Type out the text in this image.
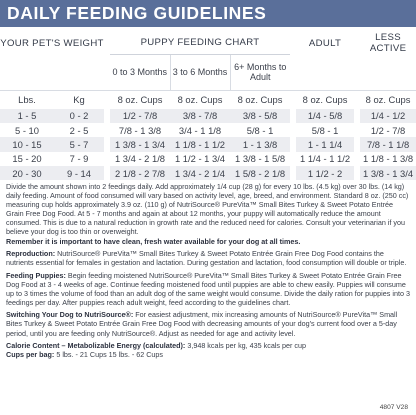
DAILY FEEDING GUIDELINES
YOUR PET'S WEIGHT			PUPPY FEEDING CHART				ADULT		LESS ACTIVE
			0 to 3 Months	3 to 6 Months	6+ Months to Adult				
Lbs.	Kg		8 oz. Cups	8 oz. Cups	8 oz. Cups		8 oz. Cups		8 oz. Cups
1 - 5	0 - 2		1/2 - 7/8	3/8 - 7/8	3/8 - 5/8		1/4 - 5/8		1/4 - 1/2
5 - 10	2 - 5		7/8 - 1 3/8	3/4 - 1 1/8	5/8 - 1		5/8 - 1		1/2 - 7/8
10 - 15	5 - 7		1 3/8 - 1 3/4	1 1/8 - 1 1/2	1 - 1 3/8		1 - 1 1/4		7/8 - 1 1/8
15 - 20	7 - 9		1 3/4 - 2 1/8	1 1/2 - 1 3/4	1 3/8 - 1 5/8		1 1/4 - 1 1/2		1 1/8 - 1 3/8
20 - 30	9 - 14		2 1/8 - 2 7/8	1 3/4 - 2 1/4	1 5/8 - 2 1/8		1 1/2 - 2		1 3/8 - 1 3/4

Divide the amount shown into 2 feedings daily. Add approximately 1/4 cup (28 g) for every 10 lbs. (4.5 kg) over 30 lbs. (14 kg) daily feeding. Amount of food consumed will vary based on activity level, age, breed, and environment. Standard 8 oz. (250 cc) measuring cup holds approximately 3.9 oz. (110 g) of NutriSource® PureVita™ Small Bites Turkey & Sweet Potato Entrée Grain Free Dog Food. At 5 - 7 months and again at about 12 months, your puppy will automatically reduce the amount consumed. This is due to a natural reduction in growth rate and the reduced need for calories. Consult your veterinarian if you believe your dog is too thin or overweight.
Remember it is important to have clean, fresh water available for your dog at all times.

Reproduction: NutriSource® PureVita™ Small Bites Turkey & Sweet Potato Entrée Grain Free Dog Food contains the nutrients essential for females in gestation and lactation. During gestation and lactation, food consumption will double or triple.

Feeding Puppies: Begin feeding moistened NutriSource® PureVita™ Small Bites Turkey & Sweet Potato Entrée Grain Free Dog Food at 3 - 4 weeks of age. Continue feeding moistened food until puppies are able to chew easily. Puppies will consume up to 3 times the volume of food than an adult dog of the same weight would consume. Divide the daily ration for puppies into 3 feedings per day. After puppies reach adult weight, feed according to the guidelines chart.

Switching Your Dog to NutriSource®: For easiest adjustment, mix increasing amounts of NutriSource® PureVita™ Small Bites Turkey & Sweet Potato Entrée Grain Free Dog Food with decreasing amounts of your dog's current food over a 5-day period, until you are feeding only NutriSource®. Adjust as needed for age and activity level.

Calorie Content – Metabolizable Energy (calculated): 3,948 kcals per kg, 435 kcals per cup

Cups per bag: 5 lbs. - 21 Cups 15 lbs. - 62 Cups

4807 V28
